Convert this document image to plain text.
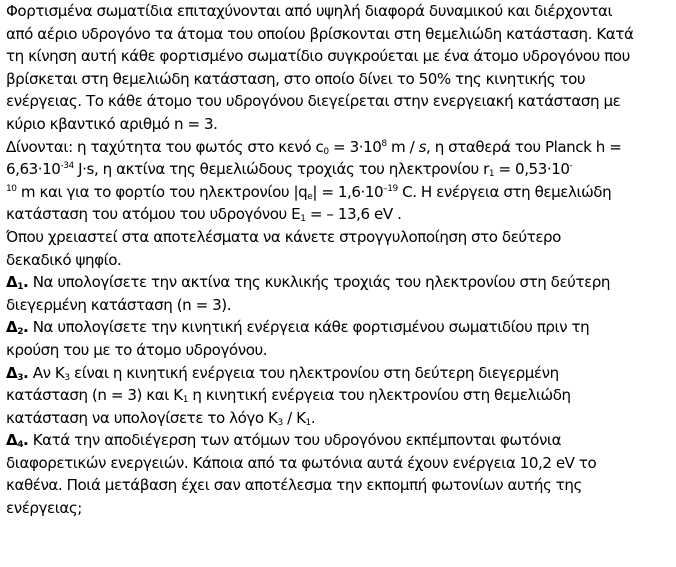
Φορτισμένα σωματίδια επιταχύνονται από υψηλή διαφορά δυναμικού και διέρχονται
από αέριο υδρογόνο τα άτομα του οποίου βρίσκονται στη θεμελιώδη κατάσταση. Κατά
τη κίνηση αυτή κάθε φορτισμένο σωματίδιο συγκρούεται με ένα άτομο υδρογόνου που
βρίσκεται στη θεμελιώδη κατάσταση, στο οποίο δίνει το 50% της κινητικής του
ενέργειας. Το κάθε άτομο του υδρογόνου διεγείρεται στην ενεργειακή κατάσταση με
κύριο κβαντικό αριθμό n = 3.
Δίνονται: η ταχύτητα του φωτός στο κενό $c_0 = 3\cdot 10^8$ m / s, η σταθερά του Planck h =
$6,63\cdot 10^{-34}$ J·s, η ακτίνα της θεμελιώδους τροχιάς του ηλεκτρονίου $r_1 = 0,53\cdot 10^-$
$^{10}$ m και για το φορτίο του ηλεκτρονίου $|q_e| = 1,6\cdot 10^{-19}$ C. Η ενέργεια στη θεμελιώδη
κατάσταση του ατόμου του υδρογόνου $E_1$ = – 13,6 eV .
Όπου χρειαστεί στα αποτελέσματα να κάνετε στρογγυλοποίηση στο δεύτερο
δεκαδικό ψηφίο.
$\Delta_1$. Να υπολογίσετε την ακτίνα της κυκλικής τροχιάς του ηλεκτρονίου στη δεύτερη
διεγερμένη κατάσταση (n = 3).
$\Delta_2$. Να υπολογίσετε την κινητική ενέργεια κάθε φορτισμένου σωματιδίου πριν τη
κρούση του με το άτομο υδρογόνου.
$\Delta_3$. Αν $K_3$ είναι η κινητική ενέργεια του ηλεκτρονίου στη δεύτερη διεγερμένη
κατάσταση (n = 3) και $K_1$ η κινητική ενέργεια του ηλεκτρονίου στη θεμελιώδη
κατάσταση να υπολογίσετε το λόγο $K_3 / K_1$.
$\Delta_4$. Κατά την αποδιέγερση των ατόμων του υδρογόνου εκπέμπονται φωτόνια
διαφορετικών ενεργειών. Κάποια από τα φωτόνια αυτά έχουν ενέργεια 10,2 eV το
καθένα. Ποιά μετάβαση έχει σαν αποτέλεσμα την εκπομπή φωτονίων αυτής της
ενέργειας;
